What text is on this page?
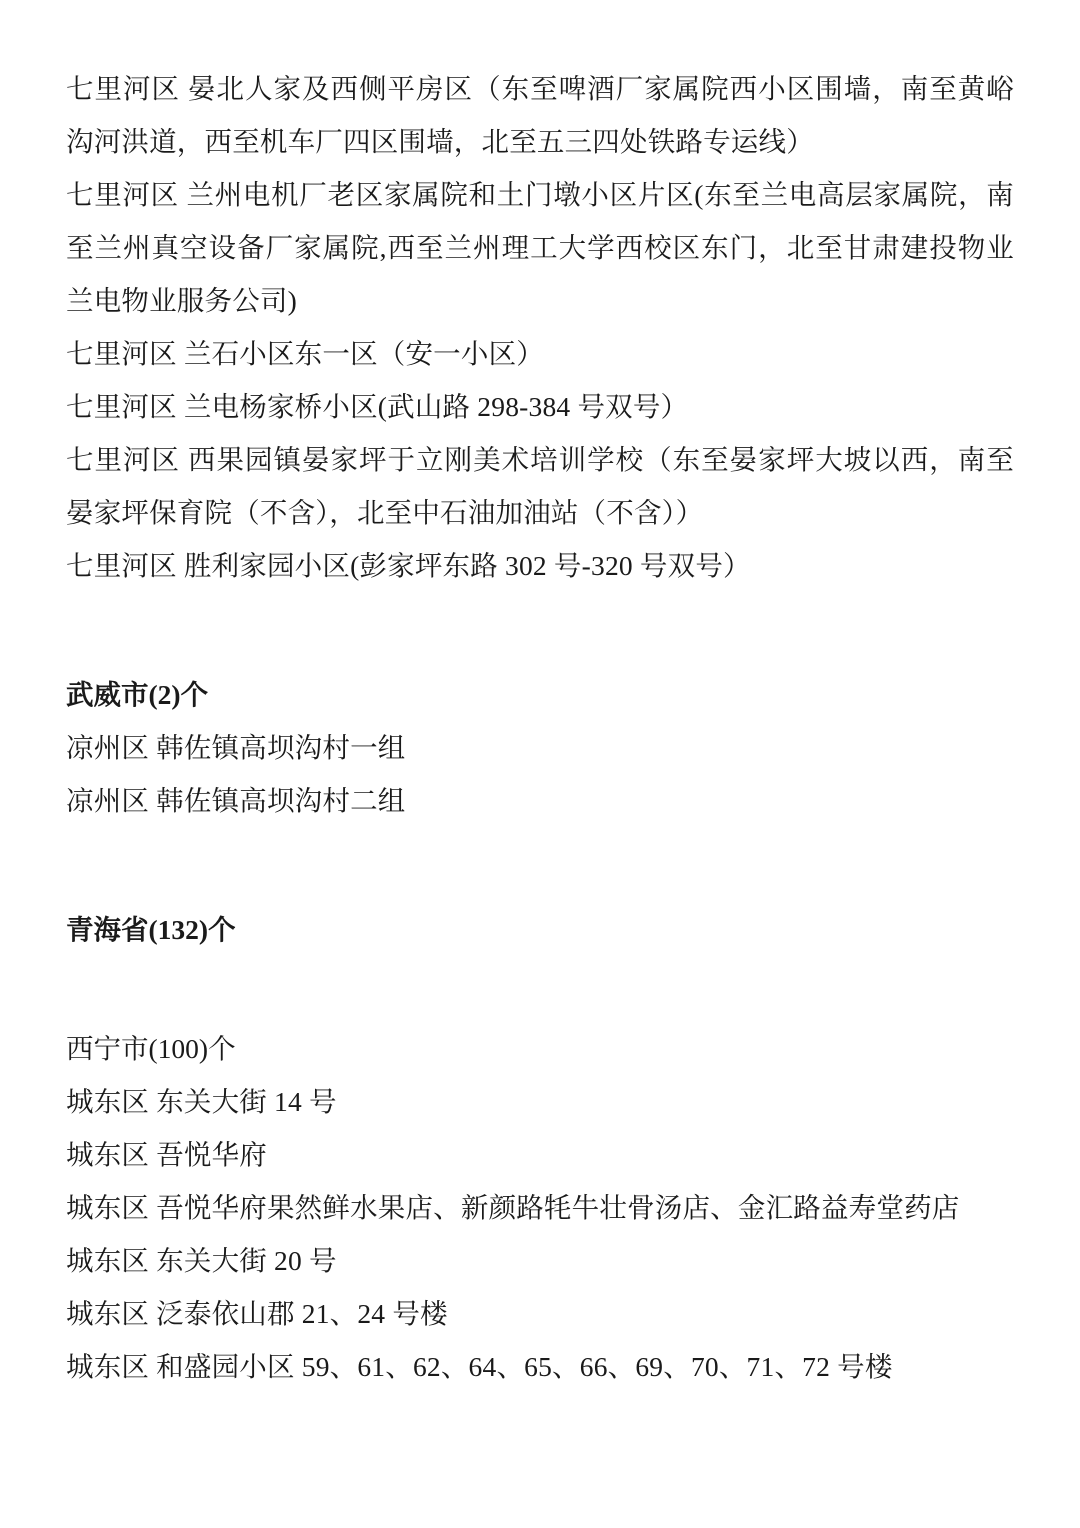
七里河区 晏北人家及西侧平房区（东至啤酒厂家属院西小区围墙，南至黄峪沟河洪道，西至机车厂四区围墙，北至五三四处铁路专运线）

七里河区 兰州电机厂老区家属院和土门墩小区片区(东至兰电高层家属院，南至兰州真空设备厂家属院,西至兰州理工大学西校区东门，北至甘肃建投物业兰电物业服务公司)

七里河区 兰石小区东一区（安一小区）

七里河区 兰电杨家桥小区(武山路 298-384 号双号）

七里河区 西果园镇晏家坪于立刚美术培训学校（东至晏家坪大坡以西，南至晏家坪保育院（不含），北至中石油加油站（不含））

七里河区 胜利家园小区(彭家坪东路 302 号-320 号双号）

武威市(2)个

凉州区 韩佐镇高坝沟村一组

凉州区 韩佐镇高坝沟村二组

青海省(132)个

西宁市(100)个

城东区 东关大街 14 号

城东区 吾悦华府

城东区 吾悦华府果然鲜水果店、新颜路牦牛壮骨汤店、金汇路益寿堂药店

城东区 东关大街 20 号

城东区 泛泰依山郡 21、24 号楼

城东区 和盛园小区 59、61、62、64、65、66、69、70、71、72 号楼
